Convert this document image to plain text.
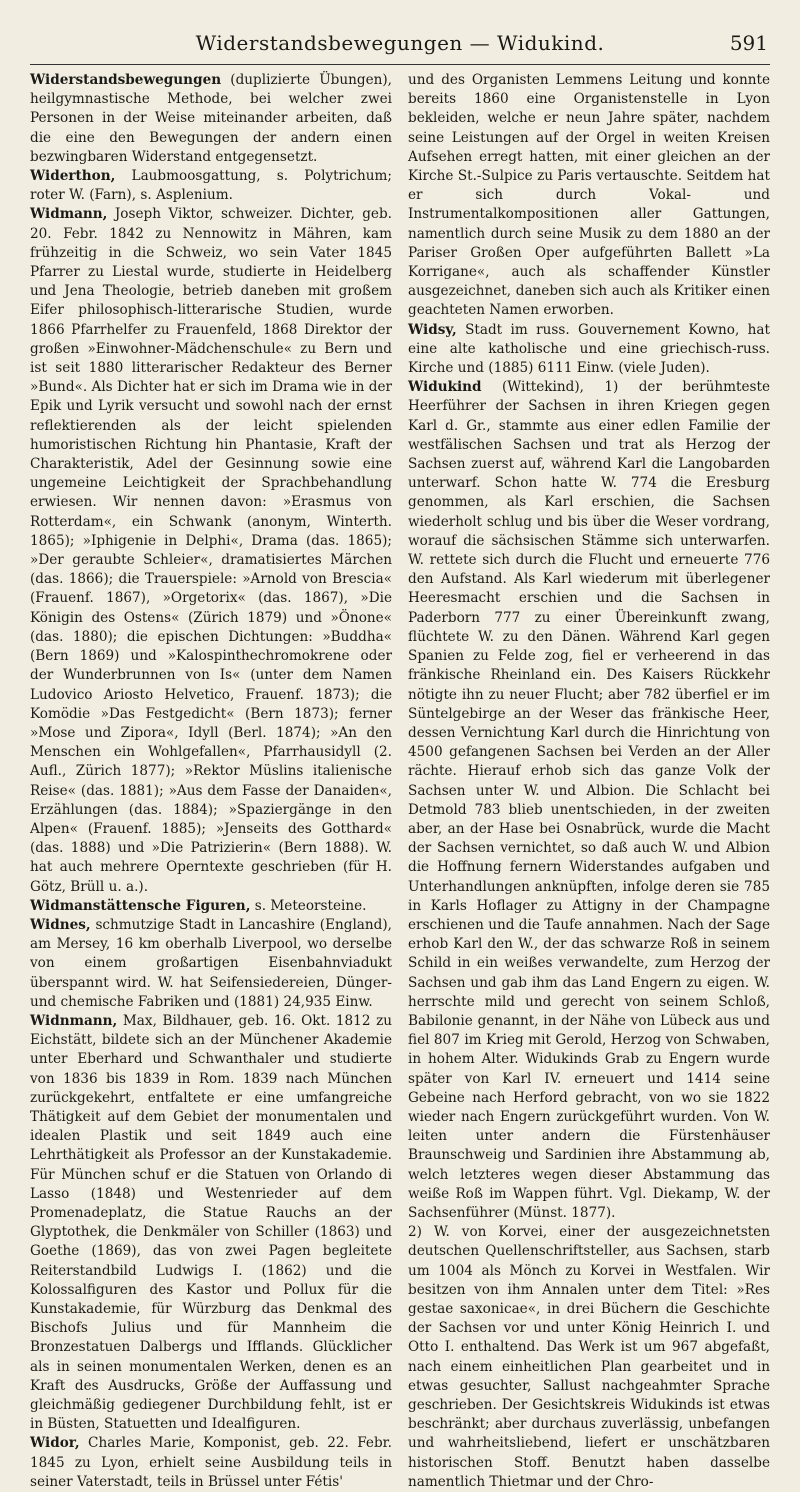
Widerstandsbewegungen — Widukind.	591

Widerstandsbewegungen (duplizierte Übungen), heilgymnastische Methode, bei welcher zwei Personen in der Weise miteinander arbeiten, daß die eine den Bewegungen der andern einen bezwingbaren Widerstand entgegensetzt.

Widerthon, Laubmoosgattung, s. Polytrichum; roter W. (Farn), s. Asplenium.

Widmann, Joseph Viktor, schweizer. Dichter, geb. 20. Febr. 1842 zu Nennowitz in Mähren, kam frühzeitig in die Schweiz, wo sein Vater 1845 Pfarrer zu Liestal wurde, studierte in Heidelberg und Jena Theologie, betrieb daneben mit großem Eifer philosophisch-litterarische Studien, wurde 1866 Pfarrhelfer zu Frauenfeld, 1868 Direktor der großen »Einwohner-Mädchenschule« zu Bern und ist seit 1880 litterarischer Redakteur des Berner »Bund«. Als Dichter hat er sich im Drama wie in der Epik und Lyrik versucht und sowohl nach der ernst reflektierenden als der leicht spielenden humoristischen Richtung hin Phantasie, Kraft der Charakteristik, Adel der Gesinnung sowie eine ungemeine Leichtigkeit der Sprachbehandlung erwiesen. Wir nennen davon: »Erasmus von Rotterdam«, ein Schwank (anonym, Winterth. 1865); »Iphigenie in Delphi«, Drama (das. 1865); »Der geraubte Schleier«, dramatisiertes Märchen (das. 1866); die Trauerspiele: »Arnold von Brescia« (Frauenf. 1867), »Orgetorix« (das. 1867), »Die Königin des Ostens« (Zürich 1879) und »Önone« (das. 1880); die epischen Dichtungen: »Buddha« (Bern 1869) und »Kalospinthechromokrene oder der Wunderbrunnen von Is« (unter dem Namen Ludovico Ariosto Helvetico, Frauenf. 1873); die Komödie »Das Festgedicht« (Bern 1873); ferner »Mose und Zipora«, Idyll (Berl. 1874); »An den Menschen ein Wohlgefallen«, Pfarrhausidyll (2. Aufl., Zürich 1877); »Rektor Müslins italienische Reise« (das. 1881); »Aus dem Fasse der Danaiden«, Erzählungen (das. 1884); »Spaziergänge in den Alpen« (Frauenf. 1885); »Jenseits des Gotthard« (das. 1888) und »Die Patrizierin« (Bern 1888). W. hat auch mehrere Operntexte geschrieben (für H. Götz, Brüll u. a.).

Widmanstättensche Figuren, s. Meteorsteine.

Widnes, schmutzige Stadt in Lancashire (England), am Mersey, 16 km oberhalb Liverpool, wo derselbe von einem großartigen Eisenbahnviadukt überspannt wird. W. hat Seifensiedereien, Dünger- und chemische Fabriken und (1881) 24,935 Einw.

Widnmann, Max, Bildhauer, geb. 16. Okt. 1812 zu Eichstätt, bildete sich an der Münchener Akademie unter Eberhard und Schwanthaler und studierte von 1836 bis 1839 in Rom. 1839 nach München zurückgekehrt, entfaltete er eine umfangreiche Thätigkeit auf dem Gebiet der monumentalen und idealen Plastik und seit 1849 auch eine Lehrthätigkeit als Professor an der Kunstakademie. Für München schuf er die Statuen von Orlando di Lasso (1848) und Westenrieder auf dem Promenadeplatz, die Statue Rauchs an der Glyptothek, die Denkmäler von Schiller (1863) und Goethe (1869), das von zwei Pagen begleitete Reiterstandbild Ludwigs I. (1862) und die Kolossalfiguren des Kastor und Pollux für die Kunstakademie, für Würzburg das Denkmal des Bischofs Julius und für Mannheim die Bronzestatuen Dalbergs und Ifflands. Glücklicher als in seinen monumentalen Werken, denen es an Kraft des Ausdrucks, Größe der Auffassung und gleichmäßig gediegener Durchbildung fehlt, ist er in Büsten, Statuetten und Idealfiguren.

Widor, Charles Marie, Komponist, geb. 22. Febr. 1845 zu Lyon, erhielt seine Ausbildung teils in seiner Vaterstadt, teils in Brüssel unter Fétis'

und des Organisten Lemmens Leitung und konnte bereits 1860 eine Organistenstelle in Lyon bekleiden, welche er neun Jahre später, nachdem seine Leistungen auf der Orgel in weiten Kreisen Aufsehen erregt hatten, mit einer gleichen an der Kirche St.-Sulpice zu Paris vertauschte. Seitdem hat er sich durch Vokal- und Instrumentalkompositionen aller Gattungen, namentlich durch seine Musik zu dem 1880 an der Pariser Großen Oper aufgeführten Ballett »La Korrigane«, auch als schaffender Künstler ausgezeichnet, daneben sich auch als Kritiker einen geachteten Namen erworben.

Widsy, Stadt im russ. Gouvernement Kowno, hat eine alte katholische und eine griechisch-russ. Kirche und (1885) 6111 Einw. (viele Juden).

Widukind (Wittekind), 1) der berühmteste Heerführer der Sachsen in ihren Kriegen gegen Karl d. Gr., stammte aus einer edlen Familie der westfälischen Sachsen und trat als Herzog der Sachsen zuerst auf, während Karl die Langobarden unterwarf. Schon hatte W. 774 die Eresburg genommen, als Karl erschien, die Sachsen wiederholt schlug und bis über die Weser vordrang, worauf die sächsischen Stämme sich unterwarfen. W. rettete sich durch die Flucht und erneuerte 776 den Aufstand. Als Karl wiederum mit überlegener Heeresmacht erschien und die Sachsen in Paderborn 777 zu einer Übereinkunft zwang, flüchtete W. zu den Dänen. Während Karl gegen Spanien zu Felde zog, fiel er verheerend in das fränkische Rheinland ein. Des Kaisers Rückkehr nötigte ihn zu neuer Flucht; aber 782 überfiel er im Süntelgebirge an der Weser das fränkische Heer, dessen Vernichtung Karl durch die Hinrichtung von 4500 gefangenen Sachsen bei Verden an der Aller rächte. Hierauf erhob sich das ganze Volk der Sachsen unter W. und Albion. Die Schlacht bei Detmold 783 blieb unentschieden, in der zweiten aber, an der Hase bei Osnabrück, wurde die Macht der Sachsen vernichtet, so daß auch W. und Albion die Hoffnung fernern Widerstandes aufgaben und Unterhandlungen anknüpften, infolge deren sie 785 in Karls Hoflager zu Attigny in der Champagne erschienen und die Taufe annahmen. Nach der Sage erhob Karl den W., der das schwarze Roß in seinem Schild in ein weißes verwandelte, zum Herzog der Sachsen und gab ihm das Land Engern zu eigen. W. herrschte mild und gerecht von seinem Schloß, Babilonie genannt, in der Nähe von Lübeck aus und fiel 807 im Krieg mit Gerold, Herzog von Schwaben, in hohem Alter. Widukinds Grab zu Engern wurde später von Karl IV. erneuert und 1414 seine Gebeine nach Herford gebracht, von wo sie 1822 wieder nach Engern zurückgeführt wurden. Von W. leiten unter andern die Fürstenhäuser Braunschweig und Sardinien ihre Abstammung ab, welch letzteres wegen dieser Abstammung das weiße Roß im Wappen führt. Vgl. Diekamp, W. der Sachsenführer (Münst. 1877).

2) W. von Korvei, einer der ausgezeichnetsten deutschen Quellenschriftsteller, aus Sachsen, starb um 1004 als Mönch zu Korvei in Westfalen. Wir besitzen von ihm Annalen unter dem Titel: »Res gestae saxonicae«, in drei Büchern die Geschichte der Sachsen vor und unter König Heinrich I. und Otto I. enthaltend. Das Werk ist um 967 abgefaßt, nach einem einheitlichen Plan gearbeitet und in etwas gesuchter, Sallust nachgeahmter Sprache geschrieben. Der Gesichtskreis Widukinds ist etwas beschränkt; aber durchaus zuverlässig, unbefangen und wahrheitsliebend, liefert er unschätzbaren historischen Stoff. Benutzt haben dasselbe namentlich Thietmar und der Chro-
